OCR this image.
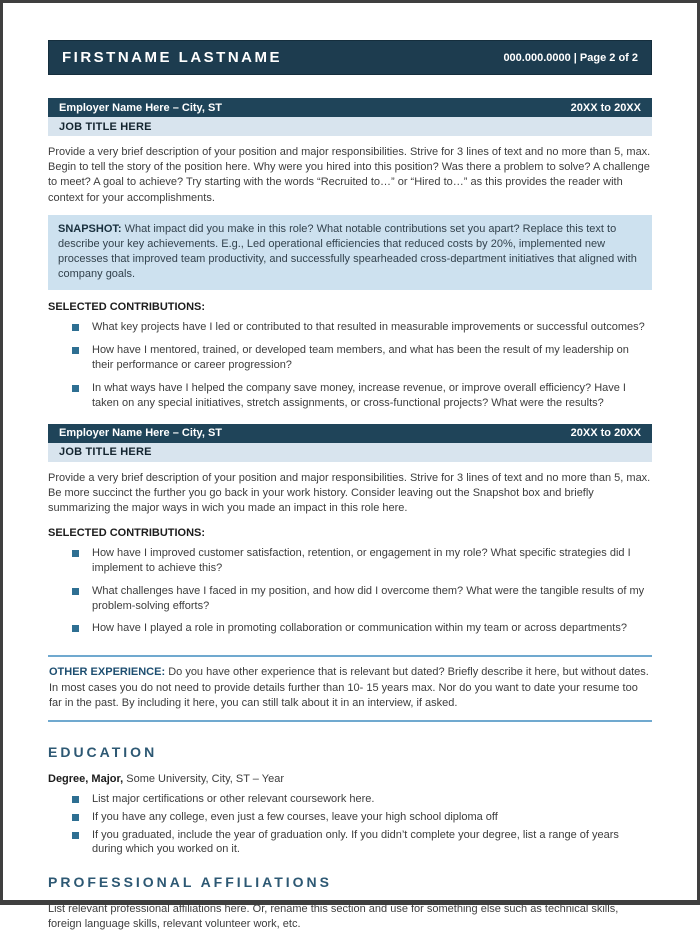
FIRSTNAME LASTNAME	000.000.0000 | Page 2 of 2
Employer Name Here – City, ST	20XX to 20XX
JOB TITLE HERE

Provide a very brief description of your position and major responsibilities. Strive for 3 lines of text and no more than 5, max. Begin to tell the story of the position here. Why were you hired into this position? Was there a problem to solve? A challenge to meet? A goal to achieve? Try starting with the words “Recruited to…” or “Hired to…” as this provides the reader with context for your accomplishments.

SNAPSHOT: What impact did you make in this role? What notable contributions set you apart? Replace this text to describe your key achievements. E.g., Led operational efficiencies that reduced costs by 20%, implemented new processes that improved team productivity, and successfully spearheaded cross-department initiatives that aligned with company goals.
SELECTED CONTRIBUTIONS:
What key projects have I led or contributed to that resulted in measurable improvements or successful outcomes?
How have I mentored, trained, or developed team members, and what has been the result of my leadership on their performance or career progression?
In what ways have I helped the company save money, increase revenue, or improve overall efficiency? Have I taken on any special initiatives, stretch assignments, or cross-functional projects? What were the results?
Employer Name Here – City, ST	20XX to 20XX
JOB TITLE HERE

Provide a very brief description of your position and major responsibilities. Strive for 3 lines of text and no more than 5, max. Be more succinct the further you go back in your work history. Consider leaving out the Snapshot box and briefly summarizing the major ways in wich you made an impact in this role here.

SELECTED CONTRIBUTIONS:
How have I improved customer satisfaction, retention, or engagement in my role? What specific strategies did I implement to achieve this?
What challenges have I faced in my position, and how did I overcome them? What were the tangible results of my problem-solving efforts?
How have I played a role in promoting collaboration or communication within my team or across departments?
OTHER EXPERIENCE: Do you have other experience that is relevant but dated? Briefly describe it here, but without dates. In most cases you do not need to provide details further than 10- 15 years max. Nor do you want to date your resume too far in the past. By including it here, you can still talk about it in an interview, if asked.
EDUCATION

Degree, Major, Some University, City, ST – Year

List major certifications or other relevant coursework here.
If you have any college, even just a few courses, leave your high school diploma off
If you graduated, include the year of graduation only. If you didn’t complete your degree, list a range of years during which you worked on it.
PROFESSIONAL AFFILIATIONS

List relevant professional affiliations here. Or, rename this section and use for something else such as technical skills, foreign language skills, relevant volunteer work, etc.
